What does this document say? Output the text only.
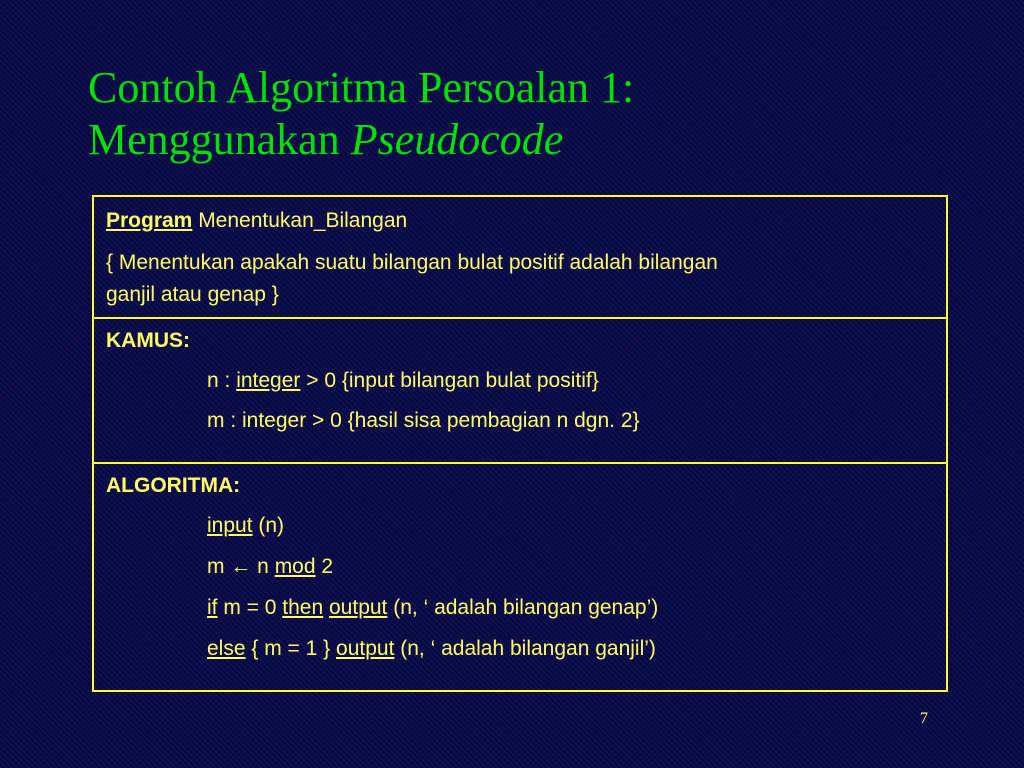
Contoh Algoritma Persoalan 1:
Menggunakan Pseudocode
Program Menentukan_Bilangan
{ Menentukan apakah suatu bilangan bulat positif adalah bilangan
ganjil atau genap }
KAMUS:
n : integer > 0 {input bilangan bulat positif}
m : integer > 0 {hasil sisa pembagian n dgn. 2}
ALGORITMA:
input (n)
m ← n mod 2
if m = 0 then output (n, ‘ adalah bilangan genap’)
else { m = 1 } output (n, ‘ adalah bilangan ganjil’)
7
